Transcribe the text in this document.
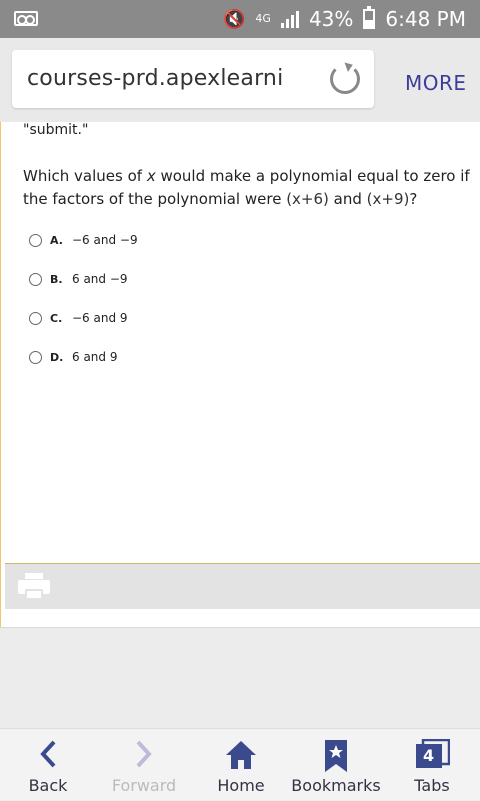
🔇 4G 43% 6:48 PM
courses-prd.apexlearni	MORE
"submit."
Which values of x would make a polynomial equal to zero if the factors of the polynomial were (x+6) and (x+9)?
A. −6 and −9
B. 6 and −9
C. −6 and 9
D. 6 and 9
Back	Forward	Home	Bookmarks
4
Tabs
